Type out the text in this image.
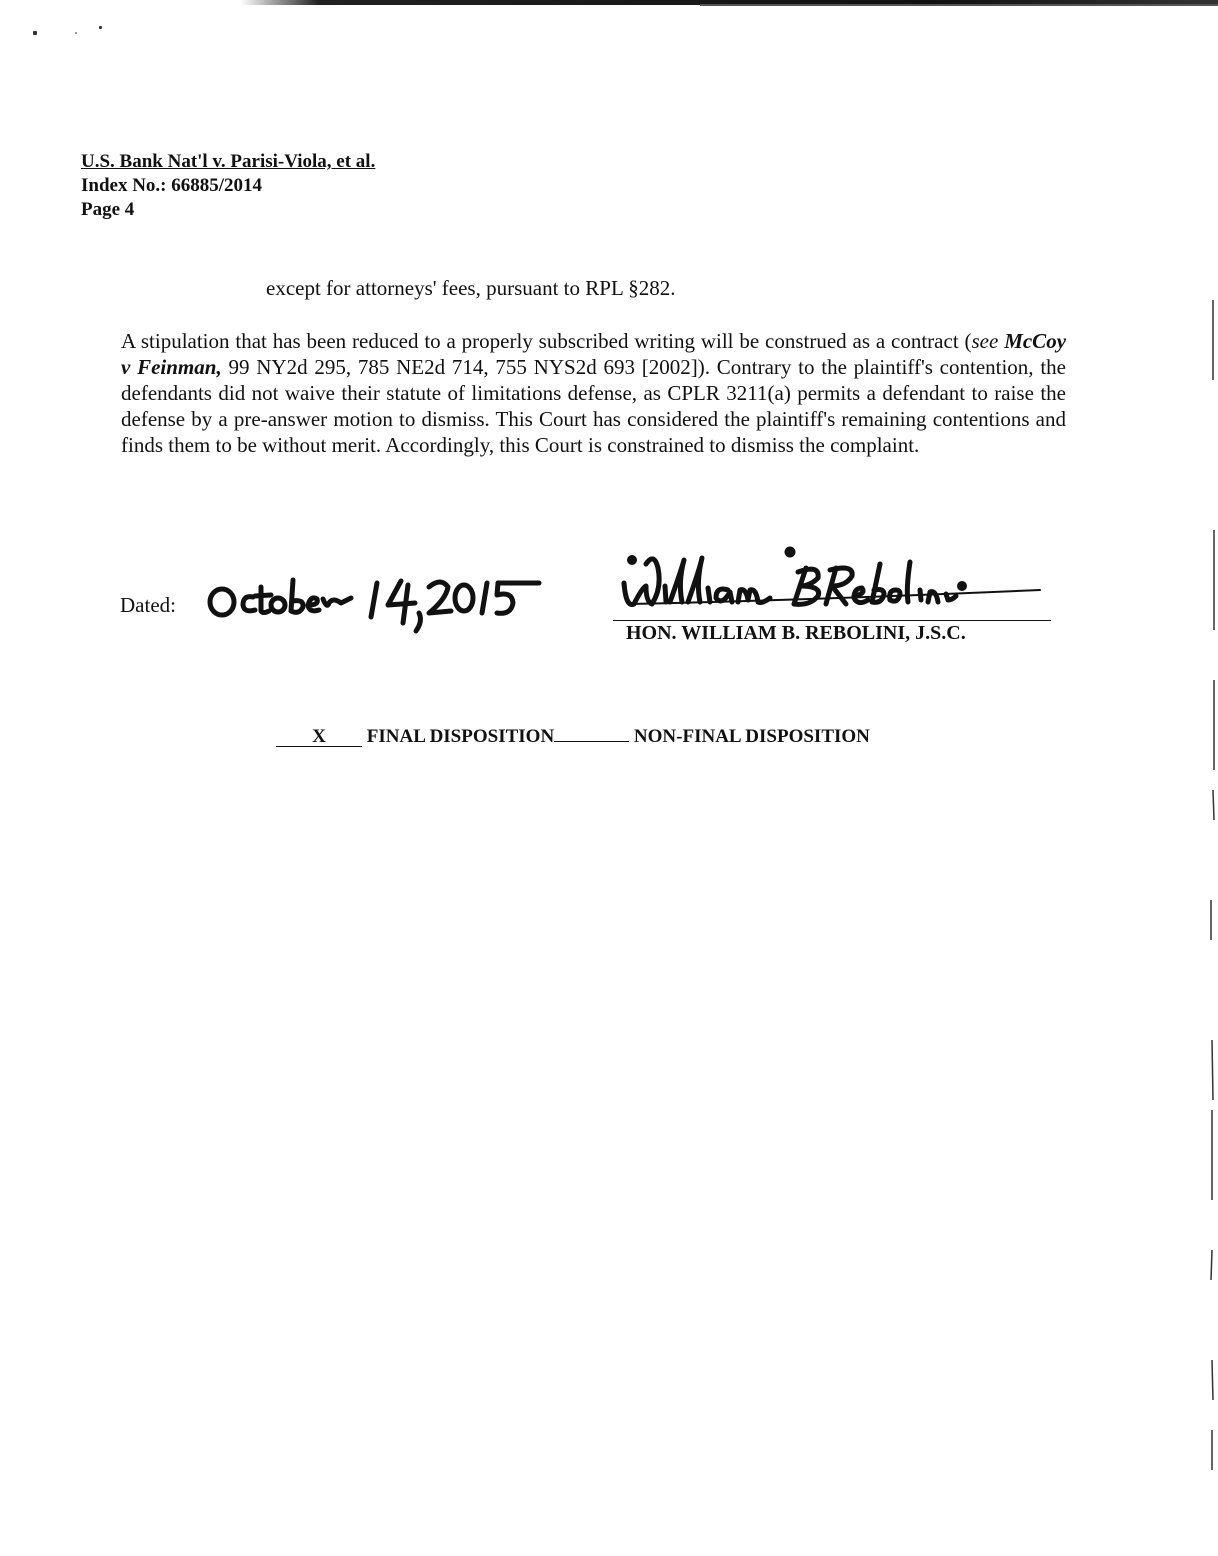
U.S. Bank Nat'l v. Parisi-Viola, et al.
Index No.: 66885/2014
Page 4
except for attorneys' fees, pursuant to RPL §282.
A stipulation that has been reduced to a properly subscribed writing will be construed as a contract (see McCoy v Feinman, 99 NY2d 295, 785 NE2d 714, 755 NYS2d 693 [2002]). Contrary to the plaintiff's contention, the defendants did not waive their statute of limitations defense, as CPLR 3211(a) permits a defendant to raise the defense by a pre-answer motion to dismiss. This Court has considered the plaintiff's remaining contentions and finds them to be without merit. Accordingly, this Court is constrained to dismiss the complaint.
Dated:
HON. WILLIAM B. REBOLINI, J.S.C.
X FINAL DISPOSITION	NON-FINAL DISPOSITION
